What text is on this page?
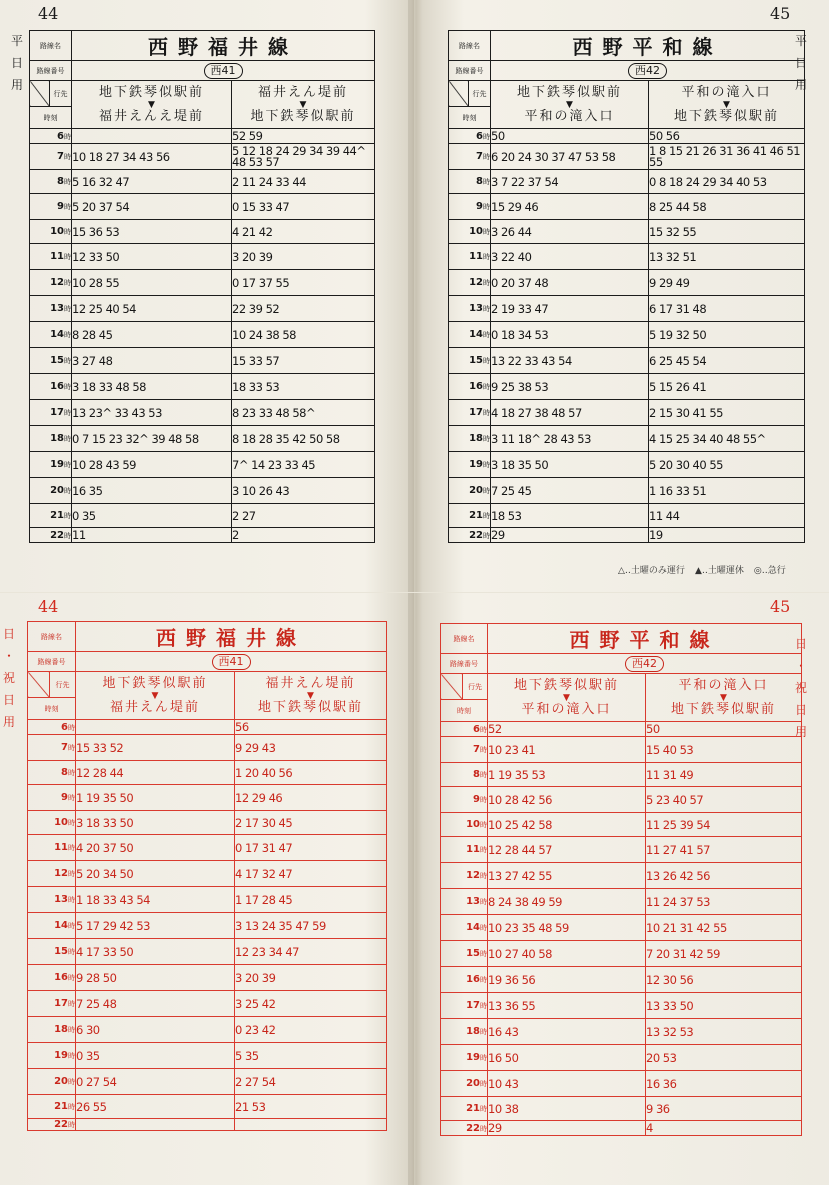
44	45
平
日
用
平
日
用
路線名		西野福井線	
路線番号		西41	
	行先	地下鉄琴似駅前
▼
福井えんえ堤前	福井えん堤前
▼
地下鉄琴似駅前
時刻			
6時			52 59
7時		10 18 27 34 43 56	5 12 18 24 29 34 39 44^ 48 53 57
8時		5 16 32 47	2 11 24 33 44
9時		5 20 37 54	0 15 33 47
10時		15 36 53	4 21 42
11時		12 33 50	3 20 39
12時		10 28 55	0 17 37 55
13時		12 25 40 54	22 39 52
14時		8 28 45	10 24 38 58
15時		3 27 48	15 33 57
16時		3 18 33 48 58	18 33 53
17時		13 23^ 33 43 53	8 23 33 48 58^
18時		0 7 15 23 32^ 39 48 58	8 18 28 35 42 50 58
19時		10 28 43 59	7^ 14 23 33 45
20時		16 35	3 10 26 43
21時		0 35	2 27
22時		11	2
路線名		西野平和線	
路線番号		西42	
	行先	地下鉄琴似駅前
▼
平和の滝入口	平和の滝入口
▼
地下鉄琴似駅前
時刻			
6時		50	50 56
7時		6 20 24 30 37 47 53 58	1 8 15 21 26 31 36 41 46 51 55
8時		3 7 22 37 54	0 8 18 24 29 34 40 53
9時		15 29 46	8 25 44 58
10時		3 26 44	15 32 55
11時		3 22 40	13 32 51
12時		0 20 37 48	9 29 49
13時		2 19 33 47	6 17 31 48
14時		0 18 34 53	5 19 32 50
15時		13 22 33 43 54	6 25 45 54
16時		9 25 38 53	5 15 26 41
17時		4 18 27 38 48 57	2 15 30 41 55
18時		3 11 18^ 28 43 53	4 15 25 34 40 48 55^
19時		3 18 35 50	5 20 30 40 55
20時		7 25 45	1 16 33 51
21時		18 53	11 44
22時		29	19
△‥土曜のみ運行 ▲‥土曜運休 ◎‥急行
44	45
日
・
祝
日
用
日
・
祝
日
用
路線名		西野福井線	
路線番号		西41	
	行先	地下鉄琴似駅前
▼
福井えん堤前	福井えん堤前
▼
地下鉄琴似駅前
時刻			
6時			56
7時		15 33 52	9 29 43
8時		12 28 44	1 20 40 56
9時		1 19 35 50	12 29 46
10時		3 18 33 50	2 17 30 45
11時		4 20 37 50	0 17 31 47
12時		5 20 34 50	4 17 32 47
13時		1 18 33 43 54	1 17 28 45
14時		5 17 29 42 53	3 13 24 35 47 59
15時		4 17 33 50	12 23 34 47
16時		9 28 50	3 20 39
17時		7 25 48	3 25 42
18時		6 30	0 23 42
19時		0 35	5 35
20時		0 27 54	2 27 54
21時		26 55	21 53
22時			
路線名		西野平和線	
路線番号		西42	
	行先	地下鉄琴似駅前
▼
平和の滝入口	平和の滝入口
▼
地下鉄琴似駅前
時刻			
6時		52	50
7時		10 23 41	15 40 53
8時		1 19 35 53	11 31 49
9時		10 28 42 56	5 23 40 57
10時		10 25 42 58	11 25 39 54
11時		12 28 44 57	11 27 41 57
12時		13 27 42 55	13 26 42 56
13時		8 24 38 49 59	11 24 37 53
14時		10 23 35 48 59	10 21 31 42 55
15時		10 27 40 58	7 20 31 42 59
16時		19 36 56	12 30 56
17時		13 36 55	13 33 50
18時		16 43	13 32 53
19時		16 50	20 53
20時		10 43	16 36
21時		10 38	9 36
22時		29	4
